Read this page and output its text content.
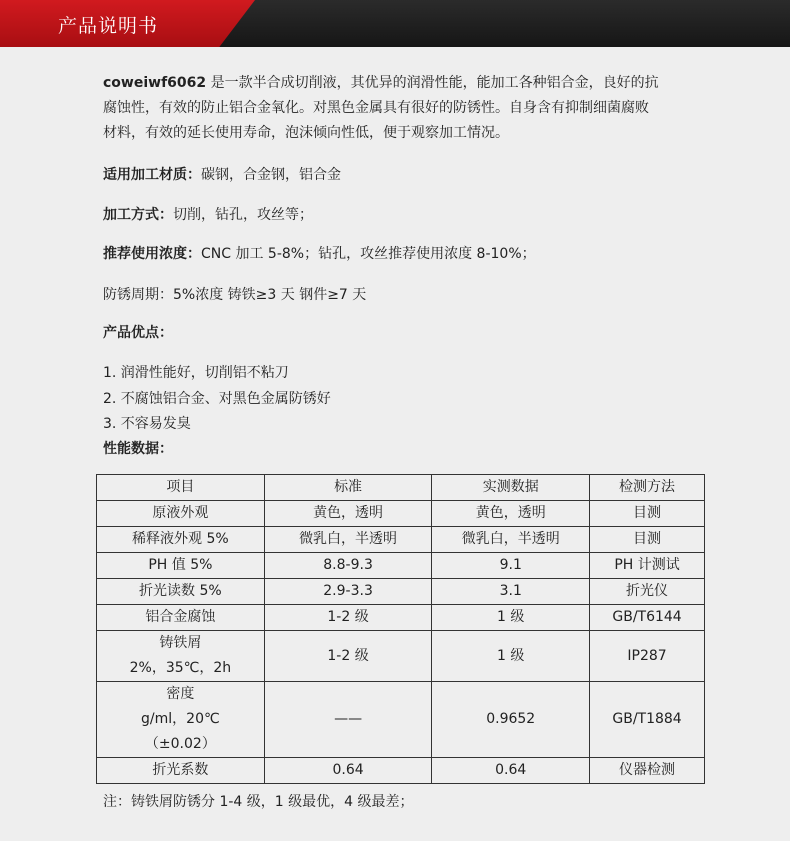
产品说明书
coweiwf6062 是一款半合成切削液，其优异的润滑性能，能加工各种铝合金，良好的抗
腐蚀性，有效的防止铝合金氧化。对黑色金属具有很好的防锈性。自身含有抑制细菌腐败
材料，有效的延长使用寿命，泡沫倾向性低，便于观察加工情况。
适用加工材质：碳钢，合金钢，铝合金
加工方式：切削，钻孔，攻丝等；
推荐使用浓度：CNC 加工 5-8%；钻孔，攻丝推荐使用浓度 8-10%；
防锈周期：5%浓度 铸铁≥3 天 钢件≥7 天
产品优点：
1. 润滑性能好，切削铝不粘刀
2. 不腐蚀铝合金、对黑色金属防锈好
3. 不容易发臭
性能数据：
项目	标准	实测数据	检测方法
原液外观	黄色，透明	黄色，透明	目测
稀释液外观 5%	微乳白，半透明	微乳白，半透明	目测
PH 值 5%	8.8-9.3	9.1	PH 计测试
折光读数 5%	2.9-3.3	3.1	折光仪
铝合金腐蚀	1-2 级	1 级	GB/T6144

铸铁屑
2%，35℃，2h	1-2 级	1 级	IP287

密度
g/ml，20℃
（±0.02）	——	0.9652	GB/T1884
折光系数	0.64	0.64	仪器检测
注：铸铁屑防锈分 1-4 级，1 级最优，4 级最差；
